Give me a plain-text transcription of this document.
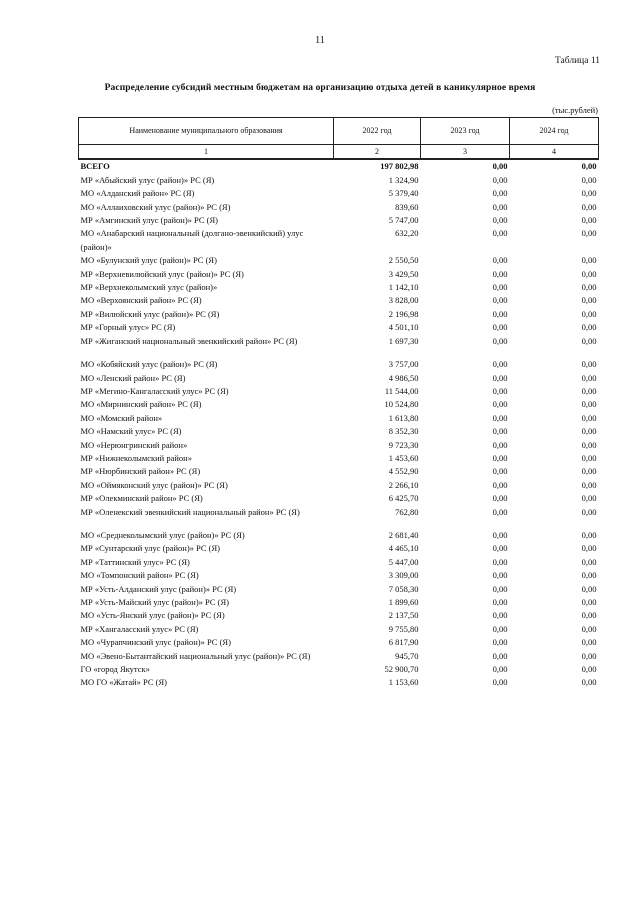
11
Таблица 11
Распределение субсидий местным бюджетам на организацию отдыха детей в каникулярное время
(тыс.рублей)
Наименование муниципального образования	2022 год	2023 год	2024 год
1	2	3	4
ВСЕГО	197 802,98	0,00	0,00
МР «Абыйский улус (район)» РС (Я)	1 324,90	0,00	0,00
МО «Алданский район» РС (Я)	5 379,40	0,00	0,00
МО «Аллаиховский улус (район)» РС (Я)	839,60	0,00	0,00
МР «Амгинский улус (район)» РС (Я)	5 747,00	0,00	0,00
МО «Анабарский национальный (долгано-эвенкийский) улус (район)»	632,20	0,00	0,00
МО «Булунский улус (район)» РС (Я)	2 550,50	0,00	0,00
МР «Верхневилюйский улус (район)» РС (Я)	3 429,50	0,00	0,00
МР «Верхнеколымский улус (район)»	1 142,10	0,00	0,00
МО «Верхоянский район» РС (Я)	3 828,00	0,00	0,00
МР «Вилюйский улус (район)» РС (Я)	2 196,98	0,00	0,00
МР «Горный улус» РС (Я)	4 501,10	0,00	0,00
МР «Жиганский национальный эвенкийский район» РС (Я)	1 697,30	0,00	0,00

МО «Кобяйский улус (район)» РС (Я)	3 757,00	0,00	0,00
МО «Ленский район» РС (Я)	4 986,50	0,00	0,00
МР «Мегино-Кангаласский улус» РС (Я)	11 544,00	0,00	0,00
МО «Мирнинский район» РС (Я)	10 524,80	0,00	0,00
МО «Момский район»	1 613,80	0,00	0,00
МО «Намский улус» РС (Я)	8 352,30	0,00	0,00
МО «Нерюнгринский район»	9 723,30	0,00	0,00
МР «Нижнеколымский район»	1 453,60	0,00	0,00
МР «Нюрбинский район» РС (Я)	4 552,90	0,00	0,00
МО «Оймяконский улус (район)» РС (Я)	2 266,10	0,00	0,00
МР «Олекминский район» РС (Я)	6 425,70	0,00	0,00
МР «Оленекский эвенкийский национальный район» РС (Я)	762,80	0,00	0,00

МО «Среднеколымский улус (район)» РС (Я)	2 681,40	0,00	0,00
МР «Сунтарский улус (район)» РС (Я)	4 465,10	0,00	0,00
МР «Таттинский улус» РС (Я)	5 447,00	0,00	0,00
МО «Томпонский район» РС (Я)	3 309,00	0,00	0,00
МР «Усть-Алданский улус (район)» РС (Я)	7 058,30	0,00	0,00
МР «Усть-Майский улус (район)» РС (Я)	1 899,60	0,00	0,00
МО «Усть-Янский улус (район)» РС (Я)	2 137,50	0,00	0,00
МР «Хангаласский улус» РС (Я)	9 755,80	0,00	0,00
МО «Чурапчинский улус (район)» РС (Я)	6 817,90	0,00	0,00
МО «Эвено-Бытантайский национальный улус (район)» РС (Я)	945,70	0,00	0,00
ГО «город Якутск»	52 900,70	0,00	0,00
МО ГО «Жатай» РС (Я)	1 153,60	0,00	0,00
